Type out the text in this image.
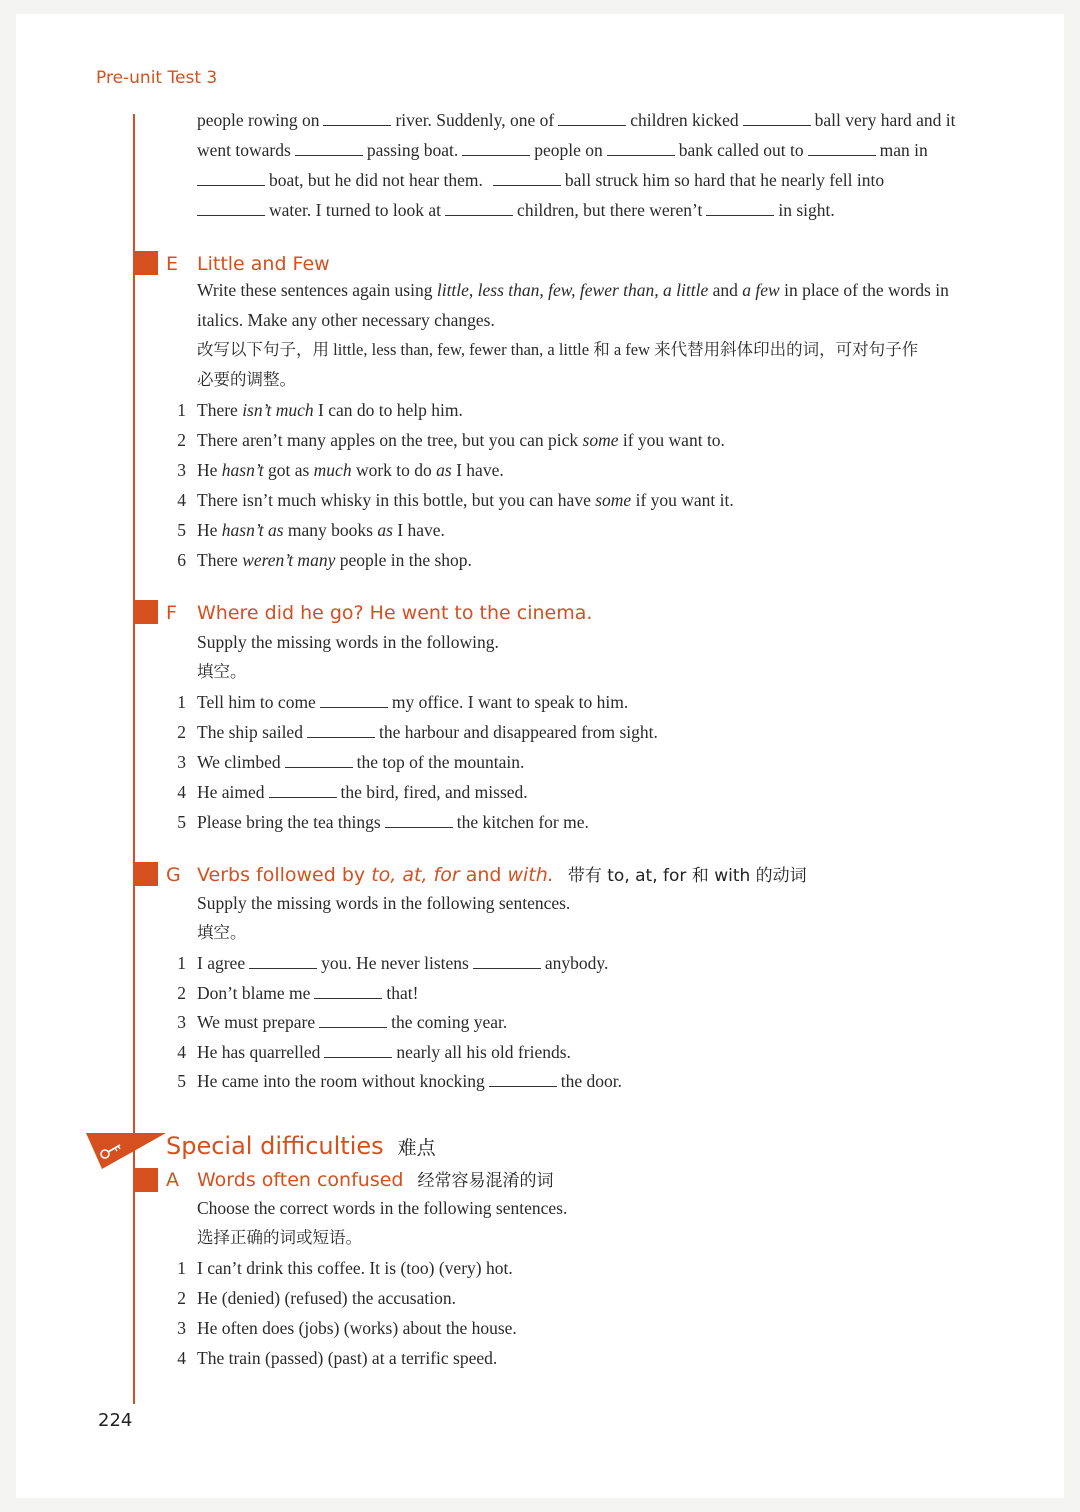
Pre-unit Test 3
people rowing on	river. Suddenly, one of	children kicked	ball very hard and it
went towards	passing boat.	people on	bank called out to	man in
boat, but he did not hear them.	ball struck him so hard that he nearly fell into
water. I turned to look at	children, but there weren’t	in sight.
E Little and Few
Write these sentences again using little, less than, few, fewer than, a little and a few in place of the words in
italics. Make any other necessary changes.
改写以下句子，用 little, less than, few, fewer than, a little 和 a few 来代替用斜体印出的词，可对句子作
必要的调整。
1 There isn’t much I can do to help him.
2 There aren’t many apples on the tree, but you can pick some if you want to.
3 He hasn’t got as much work to do as I have.
4 There isn’t much whisky in this bottle, but you can have some if you want it.
5 He hasn’t as many books as I have.
6 There weren’t many people in the shop.
F Where did he go? He went to the cinema.
Supply the missing words in the following.
填空。
1 Tell him to come	my office. I want to speak to him.
2 The ship sailed	the harbour and disappeared from sight.
3 We climbed	the top of the mountain.
4 He aimed	the bird, fired, and missed.
5 Please bring the tea things	the kitchen for me.
G Verbs followed by to, at, for and with. 带有 to, at, for 和 with 的动词
Supply the missing words in the following sentences.
填空。
1 I agree	you. He never listens	anybody.
2 Don’t blame me	that!
3 We must prepare	the coming year.
4 He has quarrelled	nearly all his old friends.
5 He came into the room without knocking	the door.
Special difficulties 难点
A Words often confused 经常容易混淆的词
Choose the correct words in the following sentences.
选择正确的词或短语。
1 I can’t drink this coffee. It is (too) (very) hot.
2 He (denied) (refused) the accusation.
3 He often does (jobs) (works) about the house.
4 The train (passed) (past) at a terrific speed.
224
